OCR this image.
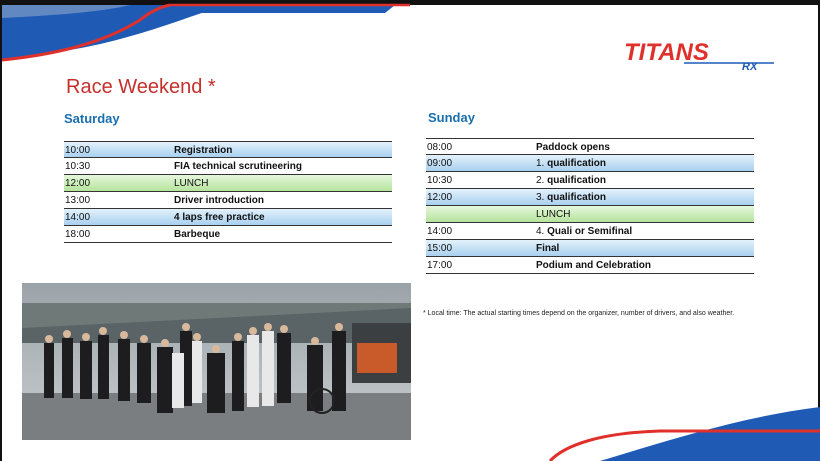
TITANS
RX
Race Weekend *
Saturday	Sunday
10:00	Registration
10:30	FIA technical scrutineering
12:00	LUNCH
13:00	Driver introduction
14:00	4 laps free practice
18:00	Barbeque
08:00	Paddock opens
09:00	1. qualification
10:30	2. qualification
12:00	3. qualification
LUNCH
14:00	4. Quali or Semifinal
15:00	Final
17:00	Podium and Celebration
* Local time: The actual starting times depend on the organizer, number of drivers, and also weather.
